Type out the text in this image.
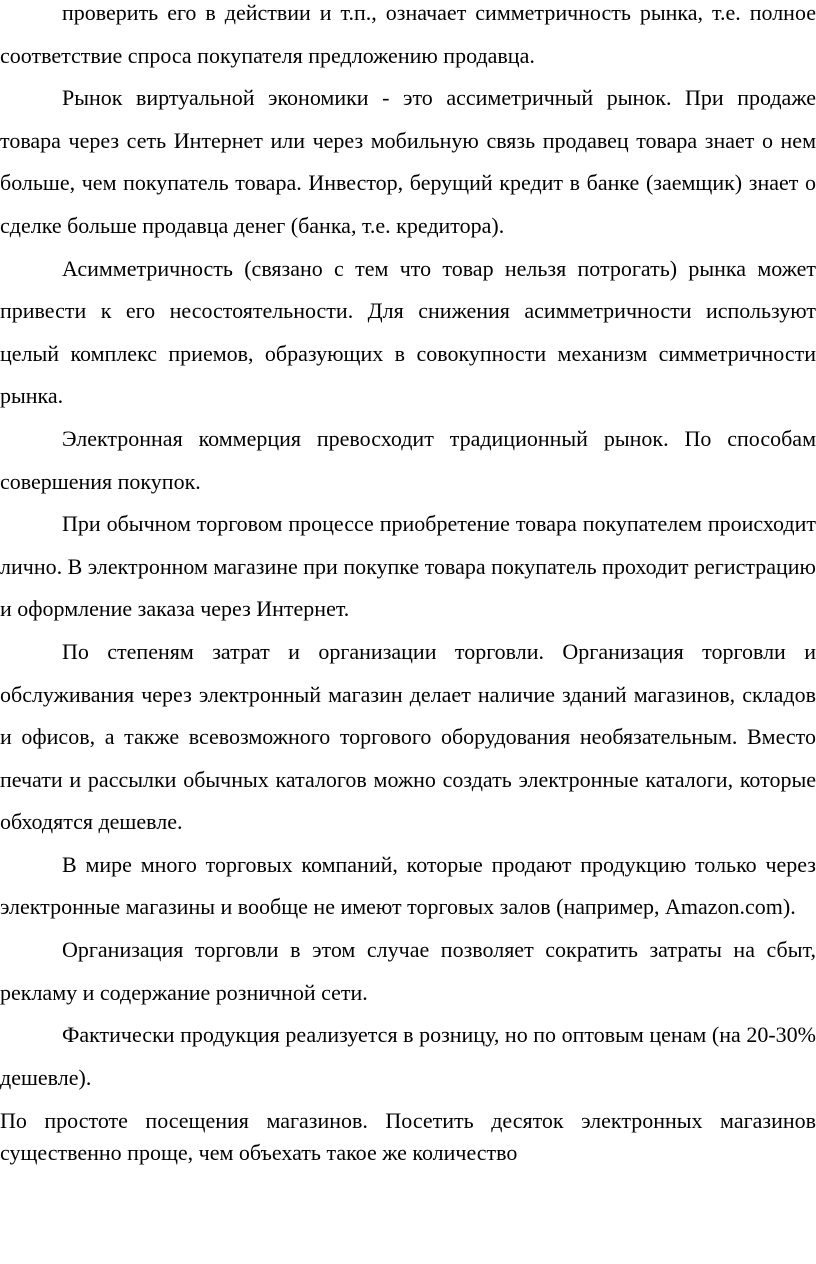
проверить его в действии и т.п., означает симметричность рынка, т.е. полное соответствие спроса покупателя предложению продавца.

Рынок виртуальной экономики - это ассиметричный рынок. При продаже товара через сеть Интернет или через мобильную связь продавец товара знает о нем больше, чем покупатель товара. Инвестор, берущий кредит в банке (заемщик) знает о сделке больше продавца денег (банка, т.е. кредитора).

Асимметричность (связано с тем что товар нельзя потрогать) рынка может привести к его несостоятельности. Для снижения асимметричности используют целый комплекс приемов, образующих в совокупности механизм симметричности рынка.

Электронная коммерция превосходит традиционный рынок. По способам совершения покупок.

При обычном торговом процессе приобретение товара покупателем происходит лично. В электронном магазине при покупке товара покупатель проходит регистрацию и оформление заказа через Интернет.

По степеням затрат и организации торговли. Организация торговли и обслуживания через электронный магазин делает наличие зданий магазинов, складов и офисов, а также всевозможного торгового оборудования необязательным. Вместо печати и рассылки обычных каталогов можно создать электронные каталоги, которые обходятся дешевле.

В мире много торговых компаний, которые продают продукцию только через электронные магазины и вообще не имеют торговых залов (например, Amazon.com).

Организация торговли в этом случае позволяет сократить затраты на сбыт, рекламу и содержание розничной сети.

Фактически продукция реализуется в розницу, но по оптовым ценам (на 20-30% дешевле).

По простоте посещения магазинов. Посетить десяток электронных магазинов существенно проще, чем объехать такое же количество
